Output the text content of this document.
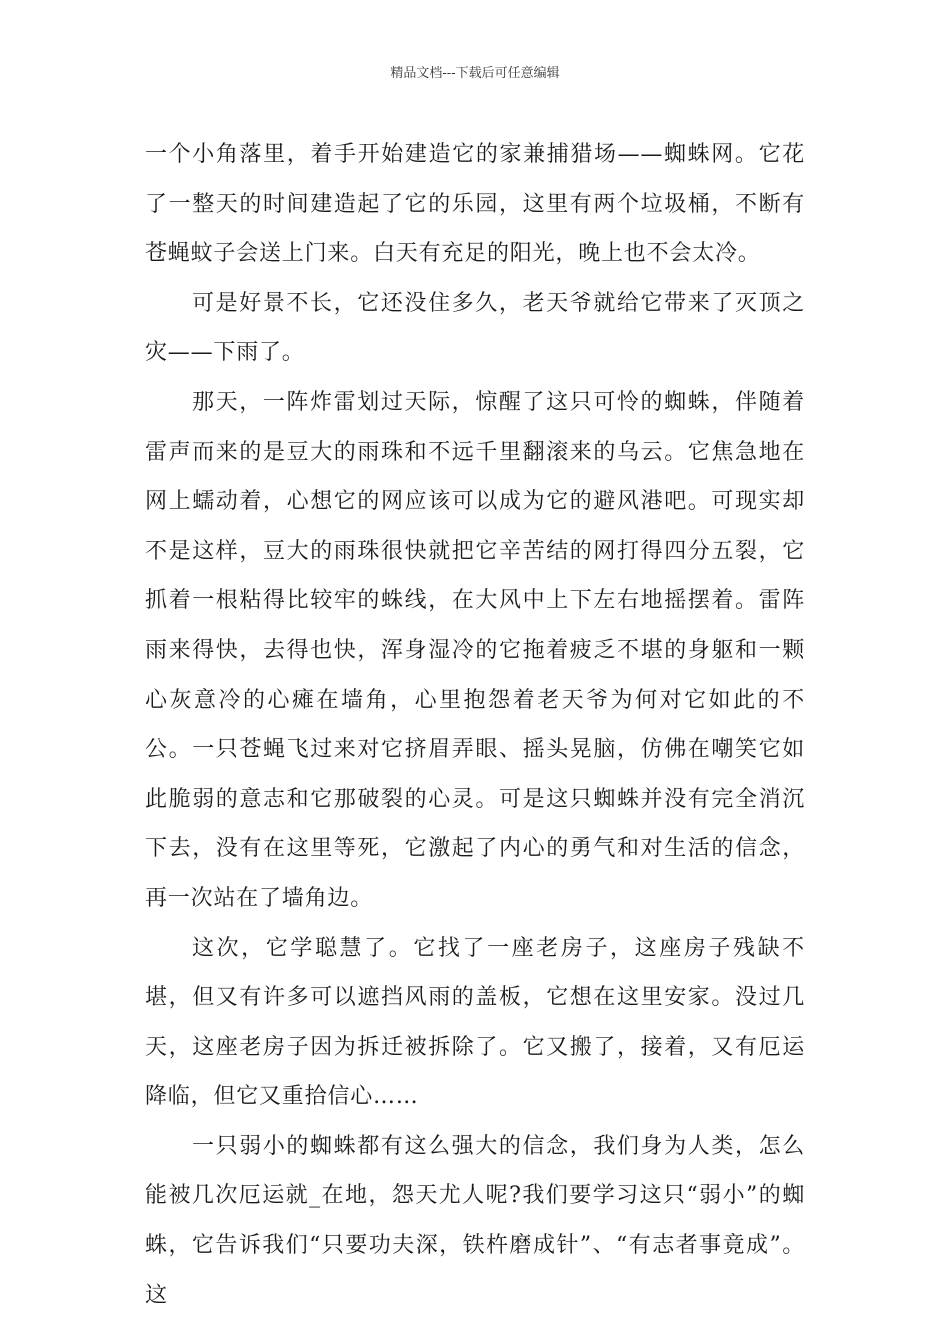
精品文档---下载后可任意编辑

一个小角落里，着手开始建造它的家兼捕猎场——蜘蛛网。它花了一整天的时间建造起了它的乐园，这里有两个垃圾桶，不断有苍蝇蚊子会送上门来。白天有充足的阳光，晚上也不会太冷。

可是好景不长，它还没住多久，老天爷就给它带来了灭顶之灾——下雨了。

那天，一阵炸雷划过天际，惊醒了这只可怜的蜘蛛，伴随着雷声而来的是豆大的雨珠和不远千里翻滚来的乌云。它焦急地在网上蠕动着，心想它的网应该可以成为它的避风港吧。可现实却不是这样，豆大的雨珠很快就把它辛苦结的网打得四分五裂，它抓着一根粘得比较牢的蛛线，在大风中上下左右地摇摆着。雷阵雨来得快，去得也快，浑身湿冷的它拖着疲乏不堪的身躯和一颗心灰意冷的心瘫在墙角，心里抱怨着老天爷为何对它如此的不公。一只苍蝇飞过来对它挤眉弄眼、摇头晃脑，仿佛在嘲笑它如此脆弱的意志和它那破裂的心灵。可是这只蜘蛛并没有完全消沉下去，没有在这里等死，它激起了内心的勇气和对生活的信念，再一次站在了墙角边。

这次，它学聪慧了。它找了一座老房子，这座房子残缺不堪，但又有许多可以遮挡风雨的盖板，它想在这里安家。没过几天，这座老房子因为拆迁被拆除了。它又搬了，接着，又有厄运降临，但它又重拾信心……

一只弱小的蜘蛛都有这么强大的信念，我们身为人类，怎么能被几次厄运就_在地，怨天尤人呢?我们要学习这只“弱小”的蜘蛛，它告诉我们“只要功夫深，铁杵磨成针”、“有志者事竟成”。这
